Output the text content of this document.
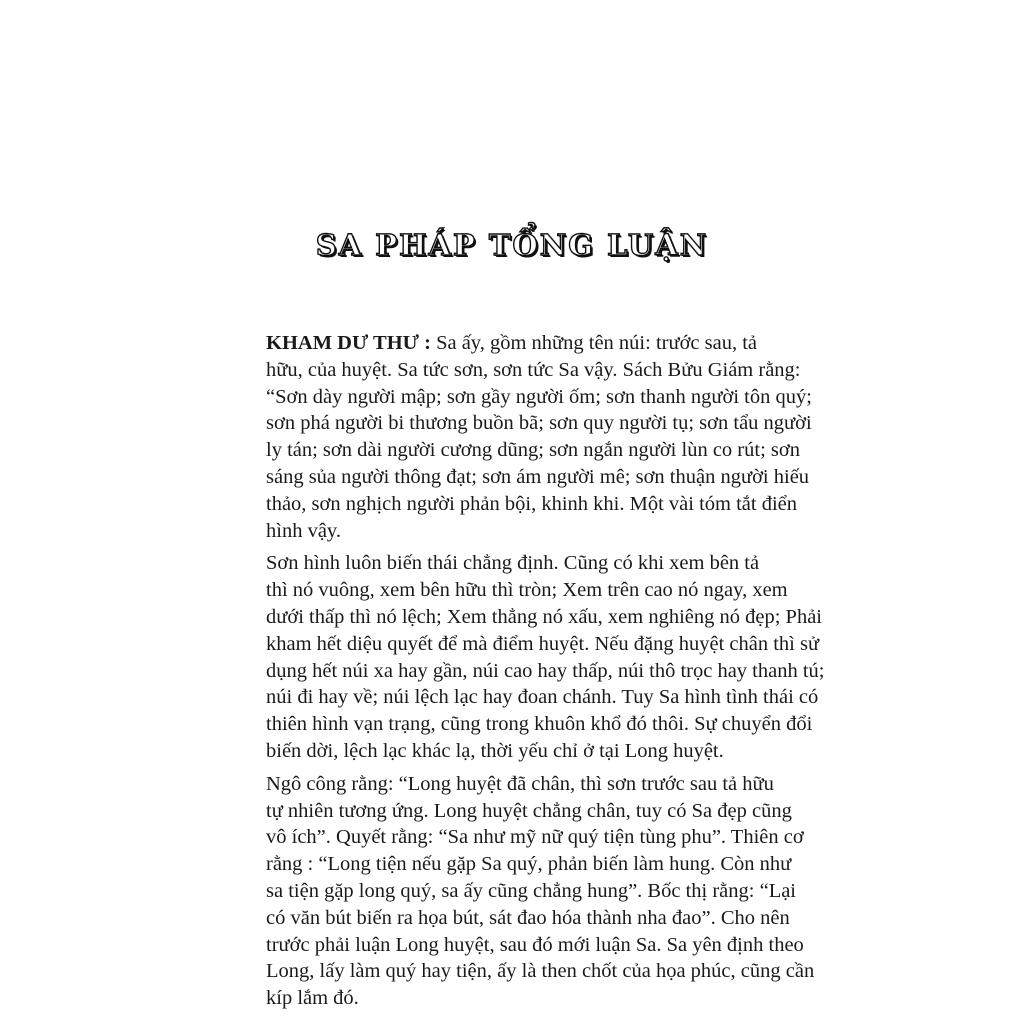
SA PHÁP TỔNG LUẬN

KHAM DƯ THƯ : Sa ấy, gồm những tên núi: trước sau, tả

hữu, của huyệt. Sa tức sơn, sơn tức Sa vậy. Sách Bửu Giám rằng:
“Sơn dày người mập; sơn gầy người ốm; sơn thanh người tôn quý;
sơn phá người bi thương buồn bã; sơn quy người tụ; sơn tẩu người
ly tán; sơn dài người cương dũng; sơn ngắn người lùn co rút; sơn
sáng sủa người thông đạt; sơn ám người mê; sơn thuận người hiếu
thảo, sơn nghịch người phản bội, khinh khi. Một vài tóm tắt điển
hình vậy.

Sơn hình luôn biến thái chẳng định. Cũng có khi xem bên tả

thì nó vuông, xem bên hữu thì tròn; Xem trên cao nó ngay, xem
dưới thấp thì nó lệch; Xem thẳng nó xấu, xem nghiêng nó đẹp; Phải
kham hết diệu quyết để mà điểm huyệt. Nếu đặng huyệt chân thì sử
dụng hết núi xa hay gần, núi cao hay thấp, núi thô trọc hay thanh tú;
núi đi hay về; núi lệch lạc hay đoan chánh. Tuy Sa hình tình thái có
thiên hình vạn trạng, cũng trong khuôn khổ đó thôi. Sự chuyển đổi
biến dời, lệch lạc khác lạ, thời yếu chỉ ở tại Long huyệt.

Ngô công rằng: “Long huyệt đã chân, thì sơn trước sau tả hữu

tự nhiên tương ứng. Long huyệt chẳng chân, tuy có Sa đẹp cũng
vô ích”. Quyết rằng: “Sa như mỹ nữ quý tiện tùng phu”. Thiên cơ
rằng : “Long tiện nếu gặp Sa quý, phản biến làm hung. Còn như
sa tiện gặp long quý, sa ấy cũng chẳng hung”. Bốc thị rằng: “Lại
có văn bút biến ra họa bút, sát đao hóa thành nha đao”. Cho nên
trước phải luận Long huyệt, sau đó mới luận Sa. Sa yên định theo
Long, lấy làm quý hay tiện, ấy là then chốt của họa phúc, cũng cần
kíp lắm đó.
